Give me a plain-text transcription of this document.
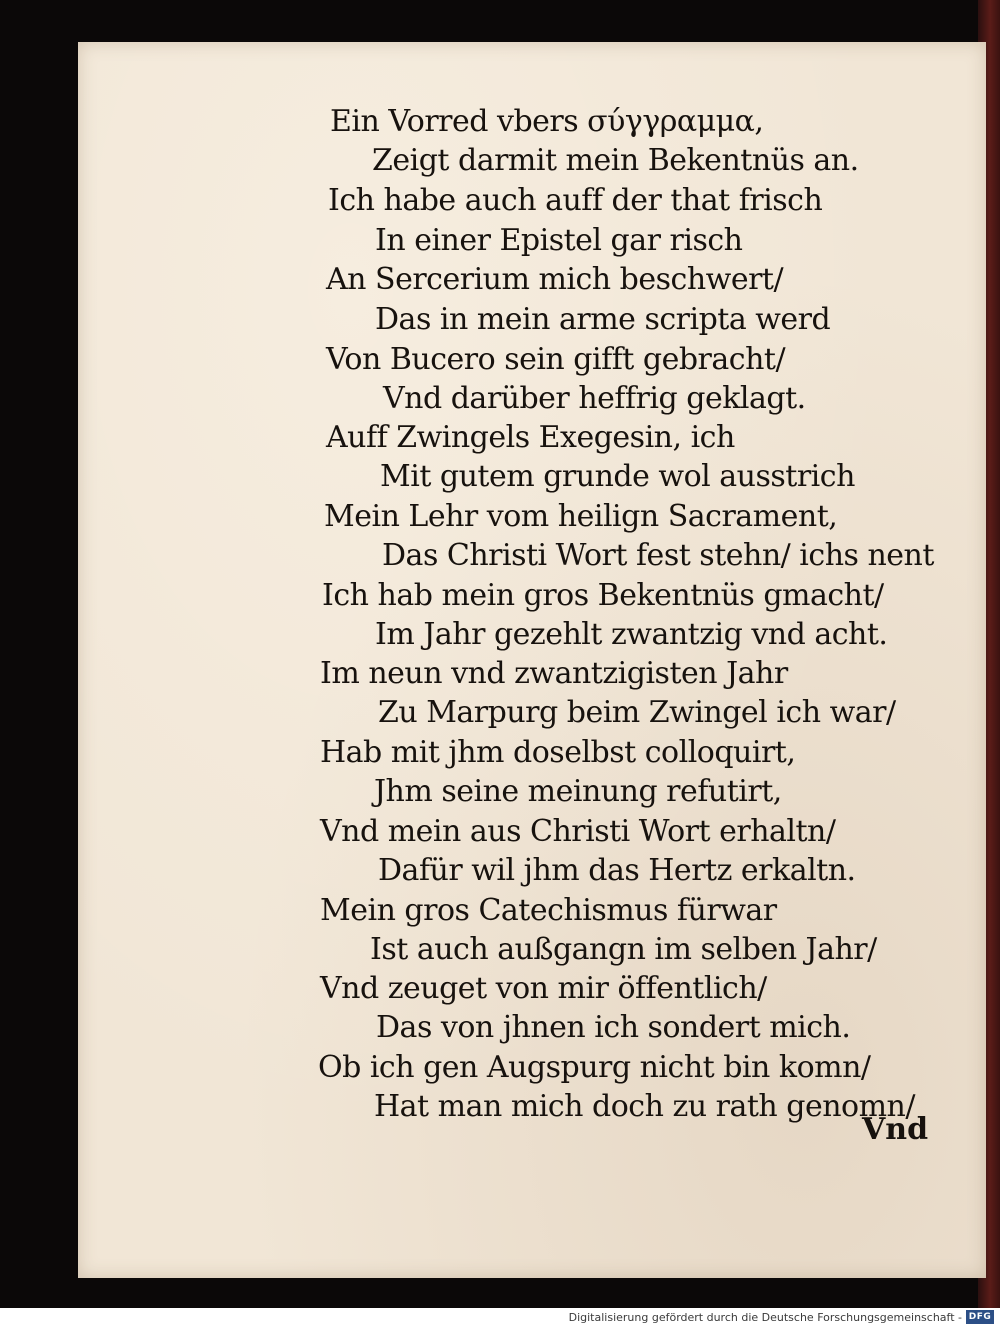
Ein Vorred vbers σύγγραμμα,
Zeigt darmit mein Bekentnüs an.
Ich habe auch auff der that frisch
In einer Epistel gar risch
An Sercerium mich beschwert/
Das in mein arme scripta werd
Von Bucero sein gifft gebracht/
Vnd darüber heffrig geklagt.
Auff Zwingels Exegesin, ich
Mit gutem grunde wol ausstrich
Mein Lehr vom heilign Sacrament,
Das Christi Wort fest stehn/ ichs nent
Ich hab mein gros Bekentnüs gmacht/
Im Jahr gezehlt zwantzig vnd acht.
Im neun vnd zwantzigisten Jahr
Zu Marpurg beim Zwingel ich war/
Hab mit jhm doselbst colloquirt,
Jhm seine meinung refutirt,
Vnd mein aus Christi Wort erhaltn/
Dafür wil jhm das Hertz erkaltn.
Mein gros Catechismus fürwar
Ist auch außgangn im selben Jahr/
Vnd zeuget von mir öffentlich/
Das von jhnen ich sondert mich.
Ob ich gen Augspurg nicht bin komn/
Hat man mich doch zu rath genomn/
Vnd
Digitalisierung gefördert durch die Deutsche Forschungsgemeinschaft - DFG
